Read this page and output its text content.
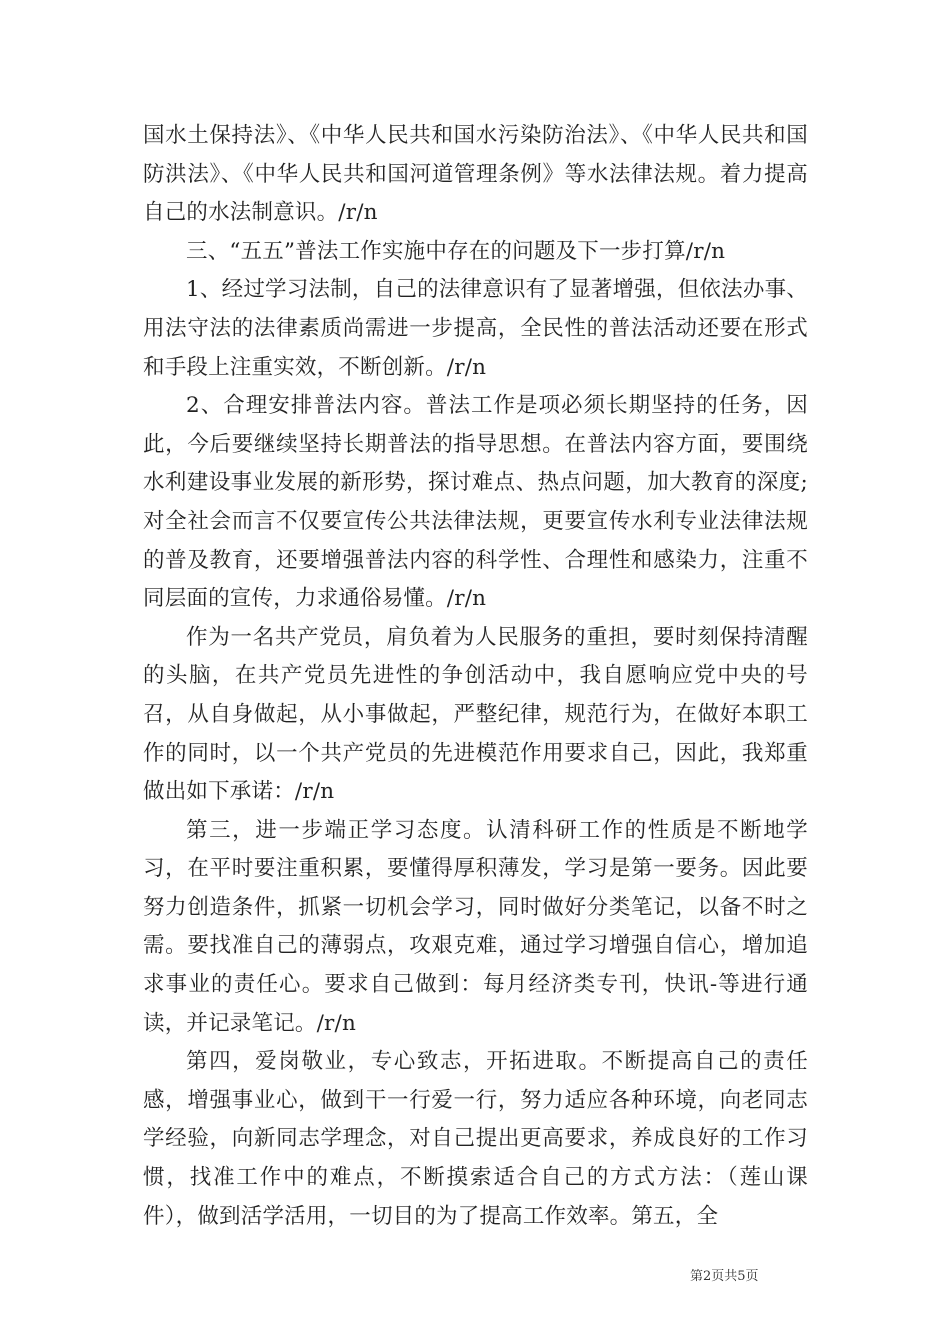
国水土保持法》、《中华人民共和国水污染防治法》、《中华人民共和国防洪法》、《中华人民共和国河道管理条例》等水法律法规。着力提高自己的水法制意识。/r/n

三、“五五”普法工作实施中存在的问题及下一步打算/r/n

1、经过学习法制，自己的法律意识有了显著增强，但依法办事、用法守法的法律素质尚需进一步提高，全民性的普法活动还要在形式和手段上注重实效，不断创新。/r/n

2、合理安排普法内容。普法工作是项必须长期坚持的任务，因此，今后要继续坚持长期普法的指导思想。在普法内容方面，要围绕水利建设事业发展的新形势，探讨难点、热点问题，加大教育的深度;对全社会而言不仅要宣传公共法律法规，更要宣传水利专业法律法规的普及教育，还要增强普法内容的科学性、合理性和感染力，注重不同层面的宣传，力求通俗易懂。/r/n

作为一名共产党员，肩负着为人民服务的重担，要时刻保持清醒的头脑，在共产党员先进性的争创活动中，我自愿响应党中央的号召，从自身做起，从小事做起，严整纪律，规范行为，在做好本职工作的同时，以一个共产党员的先进模范作用要求自己，因此，我郑重做出如下承诺：/r/n

第三，进一步端正学习态度。认清科研工作的性质是不断地学习，在平时要注重积累，要懂得厚积薄发，学习是第一要务。因此要努力创造条件，抓紧一切机会学习，同时做好分类笔记，以备不时之需。要找准自己的薄弱点，攻艰克难，通过学习增强自信心，增加追求事业的责任心。要求自己做到：每月经济类专刊，快讯-等进行通读，并记录笔记。/r/n

第四，爱岗敬业，专心致志，开拓进取。不断提高自己的责任感，增强事业心，做到干一行爱一行，努力适应各种环境，向老同志学经验，向新同志学理念，对自己提出更高要求，养成良好的工作习惯，找准工作中的难点，不断摸索适合自己的方式方法：（莲山课件），做到活学活用，一切目的为了提高工作效率。第五，全

第2页共5页
